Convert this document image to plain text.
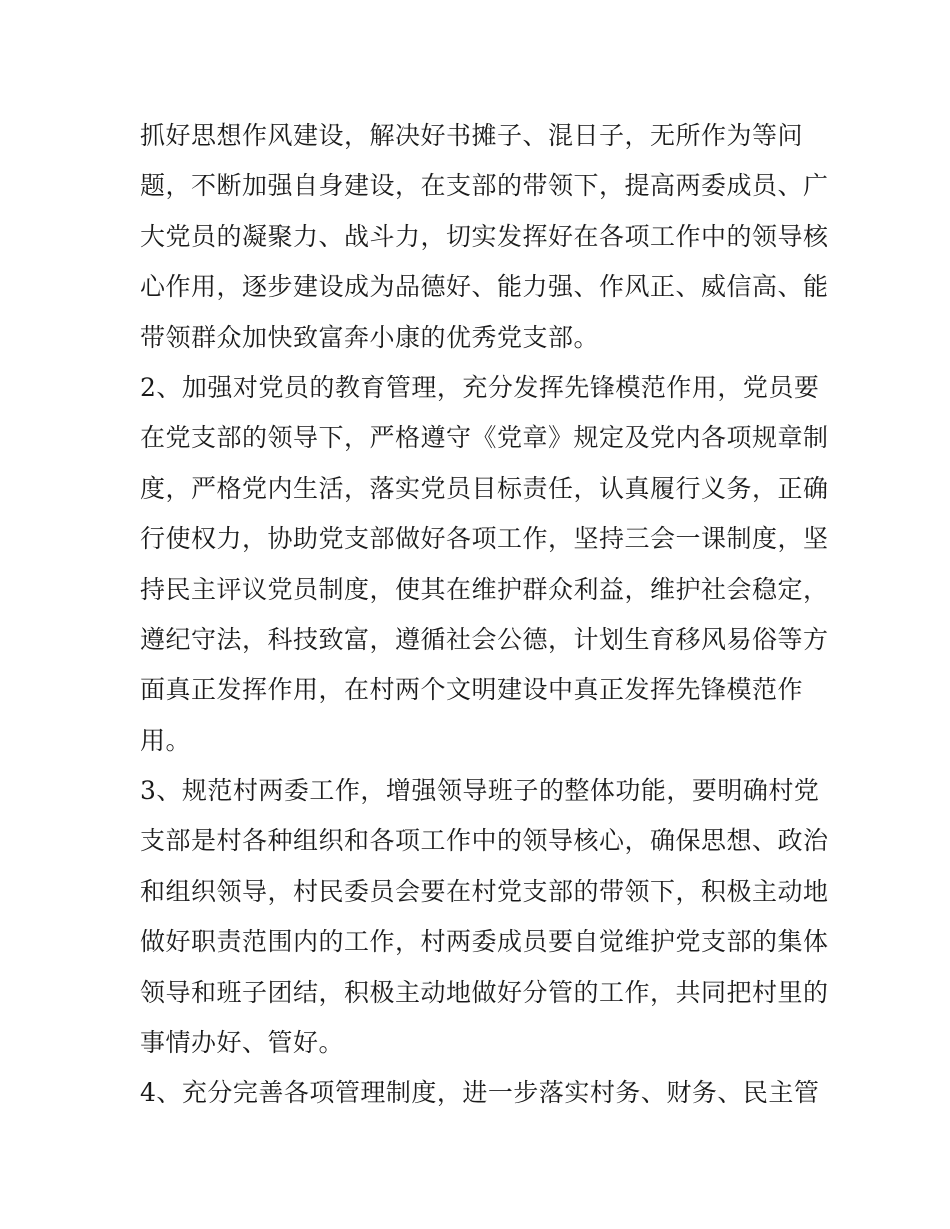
抓好思想作风建设，解决好书摊子、混日子，无所作为等问
题，不断加强自身建设，在支部的带领下，提高两委成员、广
大党员的凝聚力、战斗力，切实发挥好在各项工作中的领导核
心作用，逐步建设成为品德好、能力强、作风正、威信高、能
带领群众加快致富奔小康的优秀党支部。
2、加强对党员的教育管理，充分发挥先锋模范作用，党员要
在党支部的领导下，严格遵守《党章》规定及党内各项规章制
度，严格党内生活，落实党员目标责任，认真履行义务，正确
行使权力，协助党支部做好各项工作，坚持三会一课制度，坚
持民主评议党员制度，使其在维护群众利益，维护社会稳定，
遵纪守法，科技致富，遵循社会公德，计划生育移风易俗等方
面真正发挥作用，在村两个文明建设中真正发挥先锋模范作
用。
3、规范村两委工作，增强领导班子的整体功能，要明确村党
支部是村各种组织和各项工作中的领导核心，确保思想、政治
和组织领导，村民委员会要在村党支部的带领下，积极主动地
做好职责范围内的工作，村两委成员要自觉维护党支部的集体
领导和班子团结，积极主动地做好分管的工作，共同把村里的
事情办好、管好。
4、充分完善各项管理制度，进一步落实村务、财务、民主管
